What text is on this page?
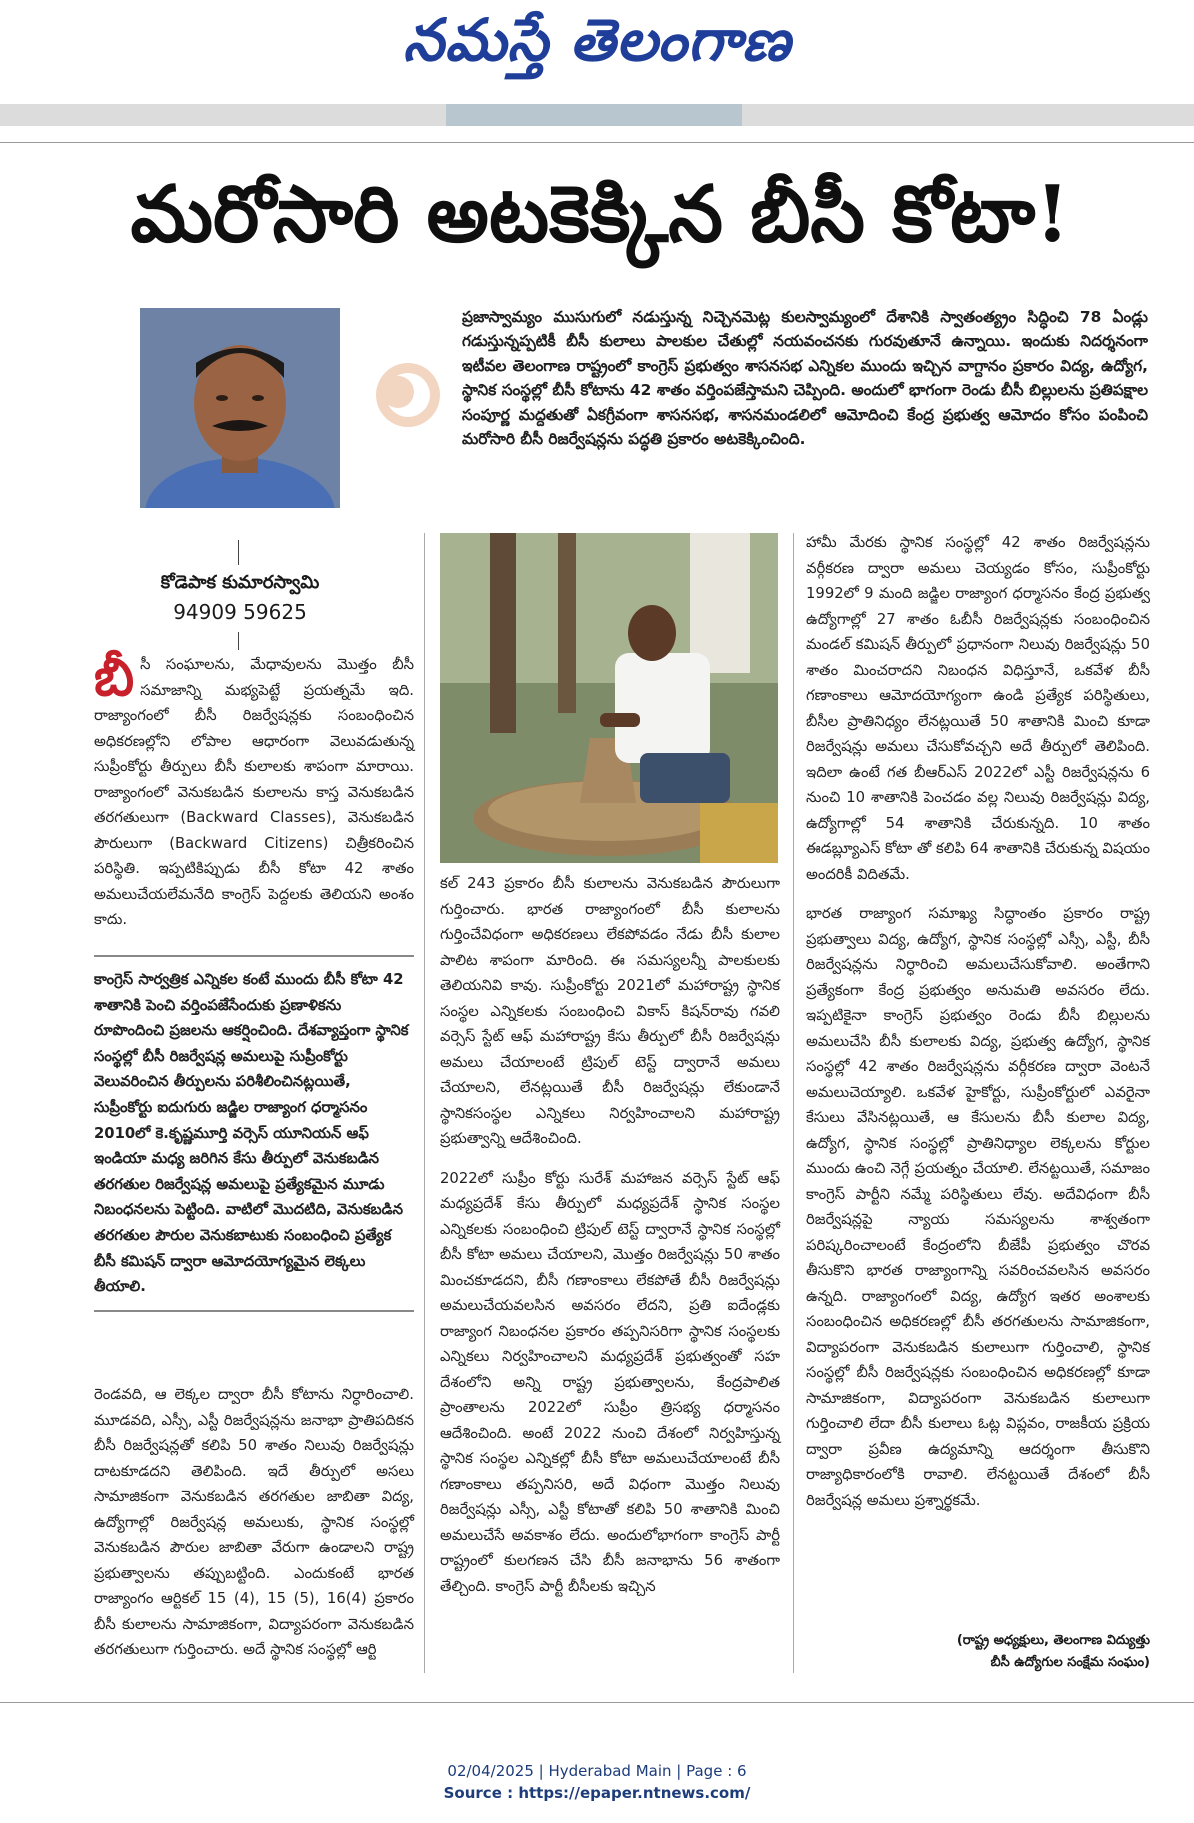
నమస్తే తెలంగాణ
మరోసారి అటకెక్కిన బీసీ కోటా!
ప్రజాస్వామ్యం ముసుగులో నడుస్తున్న నిచ్చెనమెట్ల కులస్వామ్యంలో దేశానికి స్వాతంత్య్రం సిద్ధించి 78 ఏండ్లు గడుస్తున్నప్పటికీ బీసీ కులాలు పాలకుల చేతుల్లో నయవంచనకు గురవుతూనే ఉన్నాయి. ఇందుకు నిదర్శనంగా ఇటీవల తెలంగాణ రాష్ట్రంలో కాంగ్రెస్ ప్రభుత్వం శాసనసభ ఎన్నికల ముందు ఇచ్చిన వాగ్దానం ప్రకారం విద్య, ఉద్యోగ, స్థానిక సంస్థల్లో బీసీ కోటాను 42 శాతం వర్తింపజేస్తామని చెప్పింది. అందులో భాగంగా రెండు బీసీ బిల్లులను ప్రతిపక్షాల సంపూర్ణ మద్దతుతో ఏకగ్రీవంగా శాసనసభ, శాసనమండలిలో ఆమోదించి కేంద్ర ప్రభుత్వ ఆమోదం కోసం పంపించి మరోసారి బీసీ రిజర్వేషన్లను పద్ధతి ప్రకారం అటకెక్కించింది.
కోడెపాక కుమారస్వామి
94909 59625

బీసీ సంఘాలను, మేధావులను మొత్తం బీసీ సమాజాన్ని మభ్యపెట్టే ప్రయత్నమే ఇది. రాజ్యాంగంలో బీసీ రిజర్వేషన్లకు సంబంధించిన అధికరణల్లోని లోపాల ఆధారంగా వెలువడుతున్న సుప్రీంకోర్టు తీర్పులు బీసీ కులాలకు శాపంగా మారాయి. రాజ్యాంగంలో వెనుకబడిన కులాలను కాస్త వెనుకబడిన తరగతులుగా (Backward Classes), వెనుకబడిన పౌరులుగా (Backward Citizens) చిత్రీకరించిన పరిస్థితి. ఇప్పటికిప్పుడు బీసీ కోటా 42 శాతం అమలుచేయలేమనేది కాంగ్రెస్ పెద్దలకు తెలియని అంశం కాదు.

కాంగ్రెస్ సార్వత్రిక ఎన్నికల కంటే ముందు బీసీ కోటా 42 శాతానికి పెంచి వర్తింపజేసేందుకు ప్రణాళికను రూపొందించి ప్రజలను ఆకర్షించింది. దేశవ్యాప్తంగా స్థానిక సంస్థల్లో బీసీ రిజర్వేషన్ల అమలుపై సుప్రీంకోర్టు వెలువరించిన తీర్పులను పరిశీలించినట్లయితే, సుప్రీంకోర్టు ఐదుగురు జడ్జిల రాజ్యాంగ ధర్మాసనం 2010లో కె.కృష్ణమూర్తి వర్సెస్ యూనియన్ ఆఫ్ ఇండియా మధ్య జరిగిన కేసు తీర్పులో వెనుకబడిన తరగతుల రిజర్వేషన్ల అమలుపై ప్రత్యేకమైన మూడు నిబంధనలను పెట్టింది. వాటిలో మొదటిది, వెనుకబడిన తరగతుల పౌరుల వెనుకబాటుకు సంబంధించి ప్రత్యేక బీసీ కమిషన్ ద్వారా ఆమోదయోగ్యమైన లెక్కలు తీయాలి.

రెండవది, ఆ లెక్కల ద్వారా బీసీ కోటాను నిర్ధారించాలి. మూడవది, ఎస్సీ, ఎస్టీ రిజర్వేషన్లను జనాభా ప్రాతిపదికన బీసీ రిజర్వేషన్లతో కలిపి 50 శాతం నిలువు రిజర్వేషన్లు దాటకూడదని తెలిపింది. ఇదే తీర్పులో అసలు సామాజికంగా వెనుకబడిన తరగతుల జాబితా విద్య, ఉద్యోగాల్లో రిజర్వేషన్ల అమలుకు, స్థానిక సంస్థల్లో వెనుకబడిన పౌరుల జాబితా వేరుగా ఉండాలని రాష్ట్ర ప్రభుత్వాలను తప్పుబట్టింది. ఎందుకంటే భారత రాజ్యాంగం ఆర్టికల్ 15 (4), 15 (5), 16(4) ప్రకారం బీసీ కులాలను సామాజికంగా, విద్యాపరంగా వెనుకబడిన తరగతులుగా గుర్తించారు. అదే స్థానిక సంస్థల్లో ఆర్టి

కల్ 243 ప్రకారం బీసీ కులాలను వెనుకబడిన పౌరులుగా గుర్తించారు. భారత రాజ్యాంగంలో బీసీ కులాలను గుర్తించేవిధంగా అధికరణలు లేకపోవడం నేడు బీసీ కులాల పాలిట శాపంగా మారింది. ఈ సమస్యలన్నీ పాలకులకు తెలియనివి కావు. సుప్రీంకోర్టు 2021లో మహారాష్ట్ర స్థానిక సంస్థల ఎన్నికలకు సంబంధించి వికాస్ కిషన్‌రావు గవలి వర్సెస్ స్టేట్ ఆఫ్ మహారాష్ట్ర కేసు తీర్పులో బీసీ రిజర్వేషన్లు అమలు చేయాలంటే ట్రిపుల్ టెస్ట్ ద్వారానే అమలు చేయాలని, లేనట్లయితే బీసీ రిజర్వేషన్లు లేకుండానే స్థానికసంస్థల ఎన్నికలు నిర్వహించాలని మహారాష్ట్ర ప్రభుత్వాన్ని ఆదేశించింది.

2022లో సుప్రీం కోర్టు సురేశ్ మహాజన వర్సెస్ స్టేట్ ఆఫ్ మధ్యప్రదేశ్ కేసు తీర్పులో మధ్యప్రదేశ్ స్థానిక సంస్థల ఎన్నికలకు సంబంధించి ట్రిపుల్ టెస్ట్ ద్వారానే స్థానిక సంస్థల్లో బీసీ కోటా అమలు చేయాలని, మొత్తం రిజర్వేషన్లు 50 శాతం మించకూడదని, బీసీ గణాంకాలు లేకపోతే బీసీ రిజర్వేషన్లు అమలుచేయవలసిన అవసరం లేదని, ప్రతి ఐదేండ్లకు రాజ్యాంగ నిబంధనల ప్రకారం తప్పనిసరిగా స్థానిక సంస్థలకు ఎన్నికలు నిర్వహించాలని మధ్యప్రదేశ్ ప్రభుత్వంతో సహ దేశంలోని అన్ని రాష్ట్ర ప్రభుత్వాలను, కేంద్రపాలిత ప్రాంతాలను 2022లో సుప్రీం త్రిసభ్య ధర్మాసనం ఆదేశించింది. అంటే 2022 నుంచి దేశంలో నిర్వహిస్తున్న స్థానిక సంస్థల ఎన్నికల్లో బీసీ కోటా అమలుచేయాలంటే బీసీ గణాంకాలు తప్పనిసరి, అదే విధంగా మొత్తం నిలువు రిజర్వేషన్లు ఎస్సీ, ఎస్టీ కోటాతో కలిపి 50 శాతానికి మించి అమలుచేసే అవకాశం లేదు. అందులోభాగంగా కాంగ్రెస్ పార్టీ రాష్ట్రంలో కులగణన చేసి బీసీ జనాభాను 56 శాతంగా తేల్చింది. కాంగ్రెస్ పార్టీ బీసీలకు ఇచ్చిన

హామీ మేరకు స్థానిక సంస్థల్లో 42 శాతం రిజర్వేషన్లను వర్గీకరణ ద్వారా అమలు చెయ్యడం కోసం, సుప్రీంకోర్టు 1992లో 9 మంది జడ్జిల రాజ్యాంగ ధర్మాసనం కేంద్ర ప్రభుత్వ ఉద్యోగాల్లో 27 శాతం ఓబీసీ రిజర్వేషన్లకు సంబంధించిన మండల్ కమిషన్ తీర్పులో ప్రధానంగా నిలువు రిజర్వేషన్లు 50 శాతం మించరాదని నిబంధన విధిస్తూనే, ఒకవేళ బీసీ గణాంకాలు ఆమోదయోగ్యంగా ఉండి ప్రత్యేక పరిస్థితులు, బీసీల ప్రాతినిధ్యం లేనట్లయితే 50 శాతానికి మించి కూడా రిజర్వేషన్లు అమలు చేసుకోవచ్చని అదే తీర్పులో తెలిపింది. ఇదిలా ఉంటే గత బీఆర్‌ఎస్ 2022లో ఎస్టీ రిజర్వేషన్లను 6 నుంచి 10 శాతానికి పెంచడం వల్ల నిలువు రిజర్వేషన్లు విద్య, ఉద్యోగాల్లో 54 శాతానికి చేరుకున్నది. 10 శాతం ఈడబ్ల్యూఎస్ కోటా తో కలిపి 64 శాతానికి చేరుకున్న విషయం అందరికీ విదితమే.

భారత రాజ్యాంగ సమాఖ్య సిద్ధాంతం ప్రకారం రాష్ట్ర ప్రభుత్వాలు విద్య, ఉద్యోగ, స్థానిక సంస్థల్లో ఎస్సీ, ఎస్టీ, బీసీ రిజర్వేషన్లను నిర్ధారించి అమలుచేసుకోవాలి. అంతేగాని ప్రత్యేకంగా కేంద్ర ప్రభుత్వం అనుమతి అవసరం లేదు. ఇప్పటికైనా కాంగ్రెస్ ప్రభుత్వం రెండు బీసీ బిల్లులను అమలుచేసి బీసీ కులాలకు విద్య, ప్రభుత్వ ఉద్యోగ, స్థానిక సంస్థల్లో 42 శాతం రిజర్వేషన్లను వర్గీకరణ ద్వారా వెంటనే అమలుచెయ్యాలి. ఒకవేళ హైకోర్టు, సుప్రీంకోర్టులో ఎవరైనా కేసులు వేసినట్లయితే, ఆ కేసులను బీసీ కులాల విద్య, ఉద్యోగ, స్థానిక సంస్థల్లో ప్రాతినిధ్యాల లెక్కలను కోర్టుల ముందు ఉంచి నెగ్గే ప్రయత్నం చేయాలి. లేనట్టయితే, సమాజం కాంగ్రెస్ పార్టీని నమ్మే పరిస్థితులు లేవు. అదేవిధంగా బీసీ రిజర్వేషన్లపై న్యాయ సమస్యలను శాశ్వతంగా పరిష్కరించాలంటే కేంద్రంలోని బీజేపీ ప్రభుత్వం చొరవ తీసుకొని భారత రాజ్యాంగాన్ని సవరించవలసిన అవసరం ఉన్నది. రాజ్యాంగంలో విద్య, ఉద్యోగ ఇతర అంశాలకు సంబంధించిన అధికరణల్లో బీసీ తరగతులను సామాజికంగా, విద్యాపరంగా వెనుకబడిన కులాలుగా గుర్తించాలి, స్థానిక సంస్థల్లో బీసీ రిజర్వేషన్లకు సంబంధించిన అధికరణల్లో కూడా సామాజికంగా, విద్యాపరంగా వెనుకబడిన కులాలుగా గుర్తించాలి లేదా బీసీ కులాలు ఓట్ల విప్లవం, రాజకీయ ప్రక్రియ ద్వారా ప్రవీణ ఉద్యమాన్ని ఆదర్శంగా తీసుకొని రాజ్యాధికారంలోకి రావాలి. లేనట్టయితే దేశంలో బీసీ రిజర్వేషన్ల అమలు ప్రశ్నార్థకమే.

(రాష్ట్ర అధ్యక్షులు, తెలంగాణ విద్యుత్తు
బీసీ ఉద్యోగుల సంక్షేమ సంఘం)
02/04/2025 | Hyderabad Main | Page : 6
Source : https://epaper.ntnews.com/
